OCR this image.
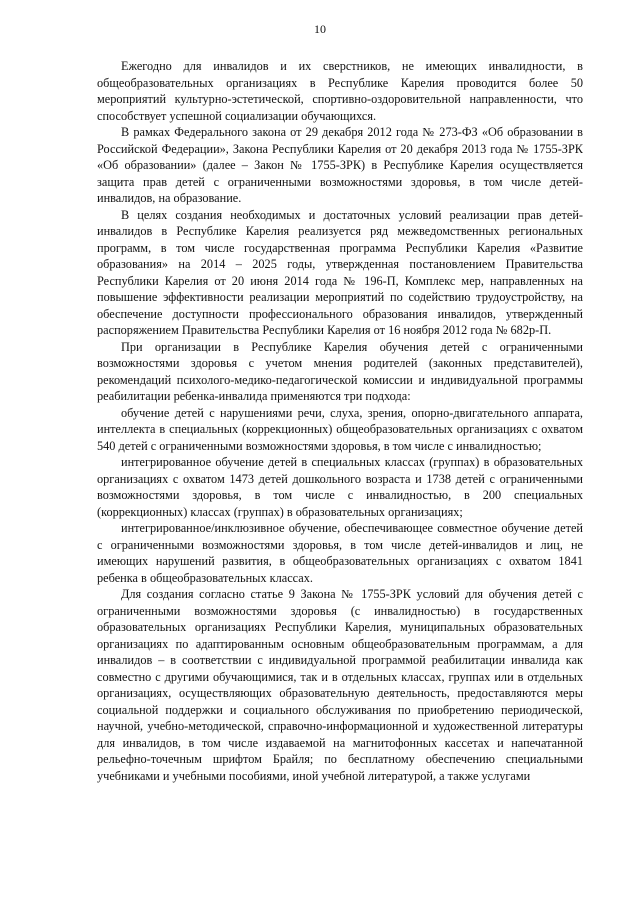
10

Ежегодно для инвалидов и их сверстников, не имеющих инвалидности, в общеобразовательных организациях в Республике Карелия проводится более 50 мероприятий культурно-эстетической, спортивно-оздоровительной направленности, что способствует успешной социализации обучающихся.

В рамках Федерального закона от 29 декабря 2012 года № 273-ФЗ «Об образовании в Российской Федерации», Закона Республики Карелия от 20 декабря 2013 года № 1755-ЗРК «Об образовании» (далее – Закон № 1755-ЗРК) в Республике Карелия осуществляется защита прав детей с ограниченными возможностями здоровья, в том числе детей-инвалидов, на образование.

В целях создания необходимых и достаточных условий реализации прав детей-инвалидов в Республике Карелия реализуется ряд межведомственных региональных программ, в том числе государственная программа Республики Карелия «Развитие образования» на 2014 – 2025 годы, утвержденная постановлением Правительства Республики Карелия от 20 июня 2014 года № 196-П, Комплекс мер, направленных на повышение эффективности реализации мероприятий по содействию трудоустройству, на обеспечение доступности профессионального образования инвалидов, утвержденный распоряжением Правительства Республики Карелия от 16 ноября 2012 года № 682р-П.

При организации в Республике Карелия обучения детей с ограниченными возможностями здоровья с учетом мнения родителей (законных представителей), рекомендаций психолого-медико-педагогической комиссии и индивидуальной программы реабилитации ребенка-инвалида применяются три подхода:

обучение детей с нарушениями речи, слуха, зрения, опорно-двигательного аппарата, интеллекта в специальных (коррекционных) общеобразовательных организациях с охватом 540 детей с ограниченными возможностями здоровья, в том числе с инвалидностью;

интегрированное обучение детей в специальных классах (группах) в образовательных организациях с охватом 1473 детей дошкольного возраста и 1738 детей с ограниченными возможностями здоровья, в том числе с инвалидностью, в 200 специальных (коррекционных) классах (группах) в образовательных организациях;

интегрированное/инклюзивное обучение, обеспечивающее совместное обучение детей с ограниченными возможностями здоровья, в том числе детей-инвалидов и лиц, не имеющих нарушений развития, в общеобразовательных организациях с охватом 1841 ребенка в общеобразовательных классах.

Для создания согласно статье 9 Закона № 1755-ЗРК условий для обучения детей с ограниченными возможностями здоровья (с инвалидностью) в государственных образовательных организациях Республики Карелия, муниципальных образовательных организациях по адаптированным основным общеобразовательным программам, а для инвалидов – в соответствии с индивидуальной программой реабилитации инвалида как совместно с другими обучающимися, так и в отдельных классах, группах или в отдельных организациях, осуществляющих образовательную деятельность, предоставляются меры социальной поддержки и социального обслуживания по приобретению периодической, научной, учебно-методической, справочно-информационной и художественной литературы для инвалидов, в том числе издаваемой на магнитофонных кассетах и напечатанной рельефно-точечным шрифтом Брайля; по бесплатному обеспечению специальными учебниками и учебными пособиями, иной учебной литературой, а также услугами
